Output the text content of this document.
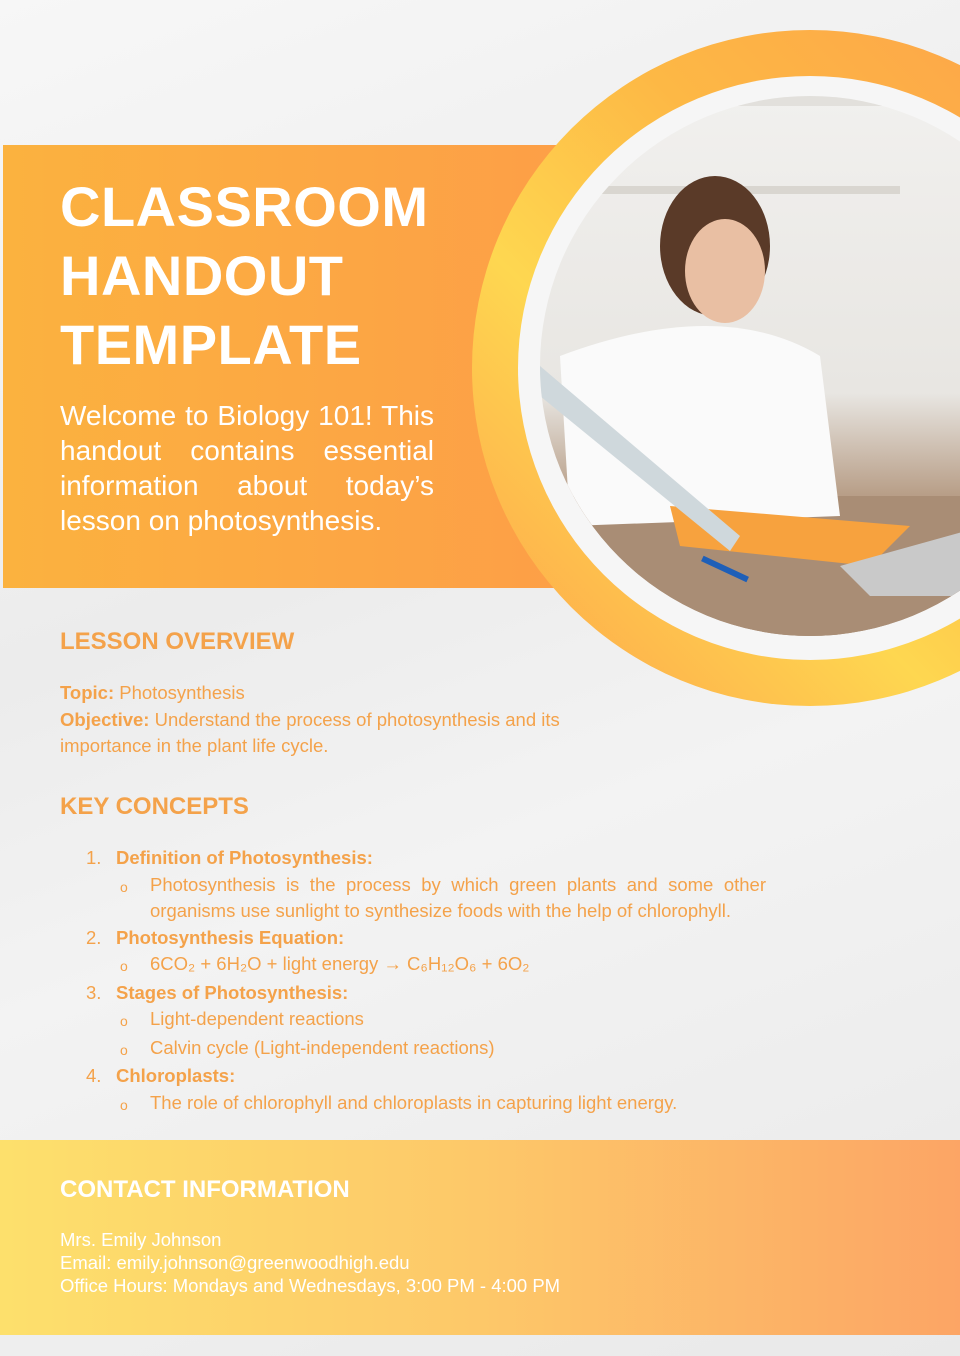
CLASSROOM
HANDOUT
TEMPLATE
Welcome to Biology 101! This handout contains essential information about today’s lesson on photosynthesis.
LESSON OVERVIEW
Topic: Photosynthesis
Objective: Understand the process of photosynthesis and its importance in the plant life cycle.
KEY CONCEPTS
1. Definition of Photosynthesis:
o	Photosynthesis is the process by which green plants and some other organisms use sunlight to synthesize foods with the help of chlorophyll.
2. Photosynthesis Equation:
o	6CO₂ + 6H₂O + light energy → C₆H₁₂O₆ + 6O₂
3. Stages of Photosynthesis:
o	Light-dependent reactions
o	Calvin cycle (Light-independent reactions)
4. Chloroplasts:
o	The role of chlorophyll and chloroplasts in capturing light energy.
CONTACT INFORMATION
Mrs. Emily Johnson
Email: emily.johnson@greenwoodhigh.edu
Office Hours: Mondays and Wednesdays, 3:00 PM - 4:00 PM
